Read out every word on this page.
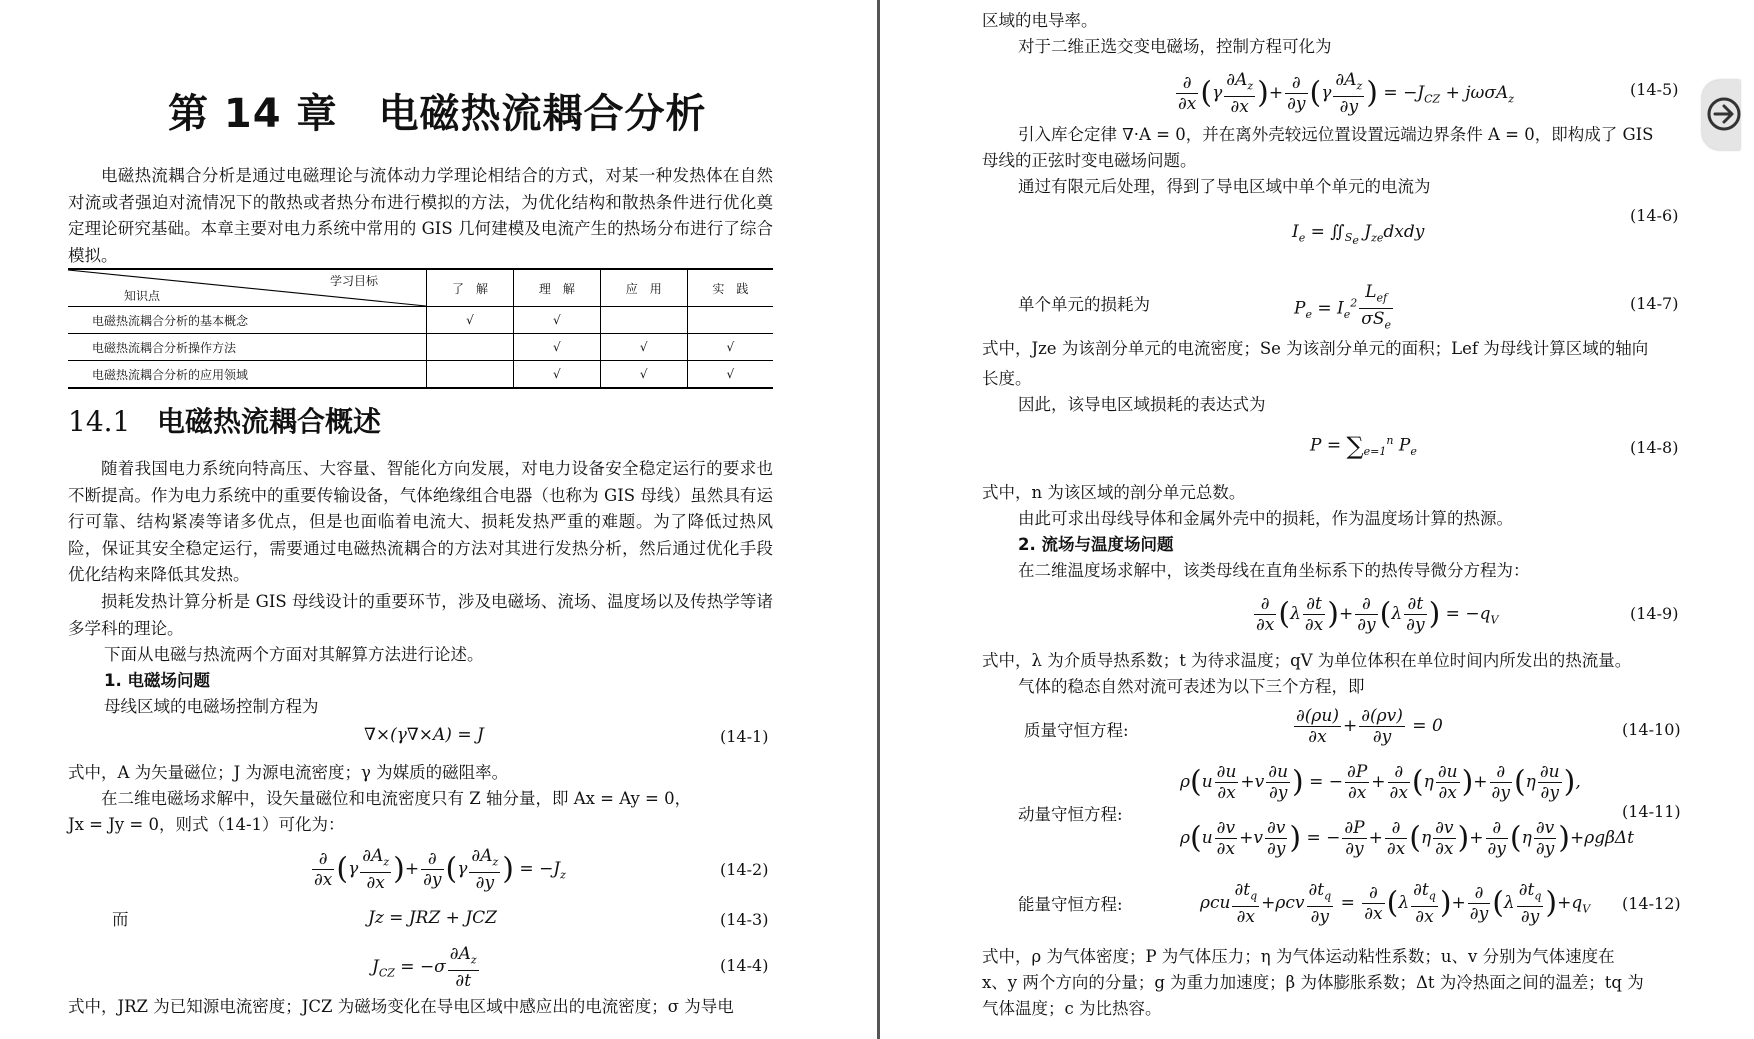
第 14 章　电磁热流耦合分析
电磁热流耦合分析是通过电磁理论与流体动力学理论相结合的方式，对某一种发热体在自然对流或者强迫对流情况下的散热或者热分布进行模拟的方法，为优化结构和散热条件进行优化奠定理论研究基础。本章主要对电力系统中常用的 GIS 几何建模及电流产生的热场分布进行了综合模拟。
学习目标
知识点	了　解	理　解	应　用	实　践
电磁热流耦合分析的基本概念	√	√		
电磁热流耦合分析操作方法		√	√	√
电磁热流耦合分析的应用领域		√	√	√
14.1 电磁热流耦合概述
随着我国电力系统向特高压、大容量、智能化方向发展，对电力设备安全稳定运行的要求也不断提高。作为电力系统中的重要传输设备，气体绝缘组合电器（也称为 GIS 母线）虽然具有运行可靠、结构紧凑等诸多优点，但是也面临着电流大、损耗发热严重的难题。为了降低过热风险，保证其安全稳定运行，需要通过电磁热流耦合的方法对其进行发热分析，然后通过优化手段优化结构来降低其发热。
损耗发热计算分析是 GIS 母线设计的重要环节，涉及电磁场、流场、温度场以及传热学等诸多学科的理论。
下面从电磁与热流两个方面对其解算方法进行论述。
1. 电磁场问题
母线区域的电磁场控制方程为
∇×(γ∇×A) = J	(14-1)
式中，A 为矢量磁位；J 为源电流密度；γ 为媒质的磁阻率。
在二维电磁场求解中，设矢量磁位和电流密度只有 Z 轴分量，即 Ax = Ay = 0，
Jx = Jy = 0，则式（14-1）可化为：
$\frac{\partial}{\partial x} (\gamma \frac{\partial A_z}{\partial x}$ )+ $\frac{\partial}{\partial y} (\gamma \frac{\partial A_z}{\partial y}$ ) = $-J_z$	(14-2)
而	Jz = JRZ + JCZ	(14-3)
$J_{CZ} = -\sigma \frac{\partial A_z}{\partial t}$	(14-4)
式中，JRZ 为已知源电流密度；JCZ 为磁场变化在导电区域中感应出的电流密度；σ 为导电
区域的电导率。
对于二维正选交变电磁场，控制方程可化为
$\frac{\partial}{\partial x} (\gamma \frac{\partial A_z}{\partial x}$ )+ $\frac{\partial}{\partial y} (\gamma \frac{\partial A_z}{\partial y}$ ) = $-J_{CZ} + j\omega\sigma A_z$
(14-5)
引入库仑定律 ∇·A = 0，并在离外壳较远位置设置远端边界条件 A = 0，即构成了 GIS
母线的正弦时变电磁场问题。
通过有限元后处理，得到了导电区域中单个单元的电流为
(14-6)
$I_e$ = $∬_{S_e}$ $J_{ze}dxdy$
单个单元的损耗为	$P_e = I_e^2 \frac{L_{ef}}{\sigma S_e}$	(14-7)
式中，Jze 为该剖分单元的电流密度；Se 为该剖分单元的面积；Lef 为母线计算区域的轴向
长度。
因此，该导电区域损耗的表达式为
$P = \sum_{e=1}^n$ $P_e$	(14-8)
式中，n 为该区域的剖分单元总数。
由此可求出母线导体和金属外壳中的损耗，作为温度场计算的热源。
2. 流场与温度场问题
在二维温度场求解中，该类母线在直角坐标系下的热传导微分方程为：
$\frac{\partial}{\partial x} (\lambda \frac{\partial t}{\partial x}$ )+ $\frac{\partial}{\partial y} (\lambda \frac{\partial t}{\partial y}$ ) = $-q_V$	(14-9)
式中，λ 为介质导热系数；t 为待求温度；qV 为单位体积在单位时间内所发出的热流量。
气体的稳态自然对流可表述为以下三个方程，即
质量守恒方程:	$\frac{\partial(\rho u)}{\partial x} + \frac{\partial(\rho v)}{\partial y} = 0$	(14-10)
动量守恒方程:
$\rho(u \frac{\partial u}{\partial x} +v \frac{\partial u}{\partial y}$ ) = − $\frac{\partial P}{\partial x} + \frac{\partial}{\partial x} (\eta \frac{\partial u}{\partial x}$ )+ $\frac{\partial}{\partial y} (\eta \frac{\partial u}{\partial y}$ ),
(14-11)
$\rho(u \frac{\partial v}{\partial x} +v \frac{\partial v}{\partial y}$ ) = − $\frac{\partial P}{\partial y} + \frac{\partial}{\partial x} (\eta \frac{\partial v}{\partial x}$ )+ $\frac{\partial}{\partial y} (\eta \frac{\partial v}{\partial y} )+\rho g\beta\Delta t$
能量守恒方程:	ρcu $\frac{\partial t_q}{\partial x} +\rho cv \frac{\partial t_q}{\partial y} = \frac{\partial}{\partial x} (\lambda \frac{\partial t_q}{\partial x}$ )+ $\frac{\partial}{\partial y} (\lambda \frac{\partial t_q}{\partial y} )+q_V$ (14-12)
式中，ρ 为气体密度；P 为气体压力；η 为气体运动粘性系数；u、v 分别为气体速度在
x、y 两个方向的分量；g 为重力加速度；β 为体膨胀系数；Δt 为冷热面之间的温差；tq 为
气体温度；c 为比热容。
